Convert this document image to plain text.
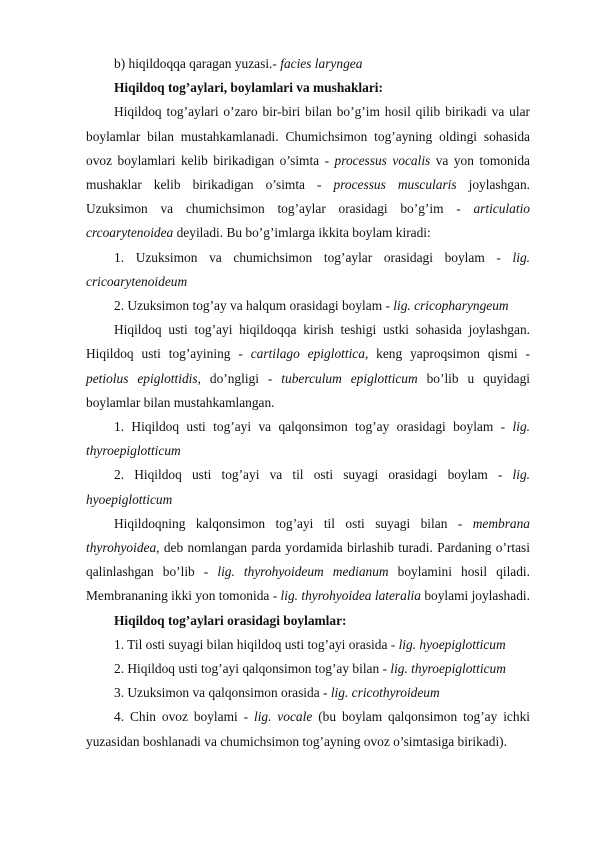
b) hiqildoqqa qaragan yuzasi.- facies laryngea

Hiqildoq tog’aylari, boylamlari va mushaklari:

Hiqildoq tog’aylari o’zaro bir-biri bilan bo’g’im hosil qilib birikadi va ular boylamlar bilan mustahkamlanadi. Chumichsimon tog’ayning oldingi sohasida ovoz boylamlari kelib birikadigan o’simta - processus vocalis va yon tomonida mushaklar kelib birikadigan o’simta - processus muscularis joylashgan. Uzuksimon va chumichsimon tog’aylar orasidagi bo’g’im - articulatio crcoarytenoidea deyiladi. Bu bo’g’imlarga ikkita boylam kiradi:

1. Uzuksimon va chumichsimon tog’aylar orasidagi boylam - lig. cricoarytenoideum

2. Uzuksimon tog’ay va halqum orasidagi boylam - lig. cricopharyngeum

Hiqildoq usti tog’ayi hiqildoqqa kirish teshigi ustki sohasida joylashgan. Hiqildoq usti tog’ayining - cartilago epiglottica, keng yaproqsimon qismi - petiolus epiglottidis, do’ngligi - tuberculum epiglotticum bo’lib u quyidagi boylamlar bilan mustahkamlangan.

1. Hiqildoq usti tog’ayi va qalqonsimon tog’ay orasidagi boylam - lig. thyroepiglotticum

2. Hiqildoq usti tog’ayi va til osti suyagi orasidagi boylam - lig. hyoepiglotticum

Hiqildoqning kalqonsimon tog’ayi til osti suyagi bilan - membrana thyrohyoidea, deb nomlangan parda yordamida birlashib turadi. Pardaning o’rtasi qalinlashgan bo’lib - lig. thyrohyoideum medianum boylamini hosil qiladi. Membrananing ikki yon tomonida - lig. thyrohyoidea lateralia boylami joylashadi.

Hiqildoq tog’aylari orasidagi boylamlar:

1. Til osti suyagi bilan hiqildoq usti tog’ayi orasida - lig. hyoepiglotticum

2. Hiqildoq usti tog’ayi qalqonsimon tog’ay bilan - lig. thyroepiglotticum

3. Uzuksimon va qalqonsimon orasida - lig. cricothyroideum

4. Chin ovoz boylami - lig. vocale (bu boylam qalqonsimon tog’ay ichki yuzasidan boshlanadi va chumichsimon tog’ayning ovoz o’simtasiga birikadi).
